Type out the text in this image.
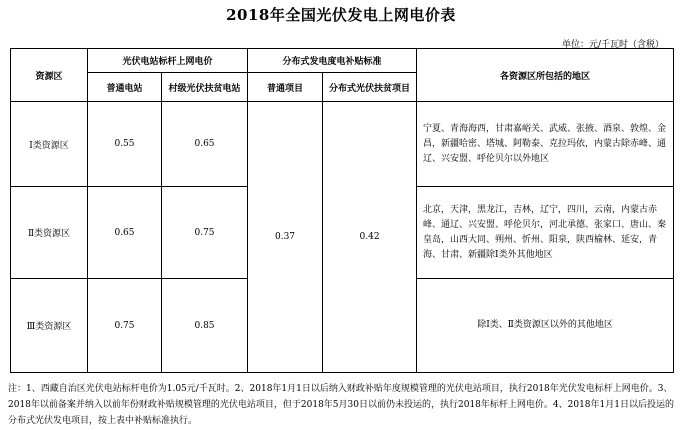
2018年全国光伏发电上网电价表
单位：元/千瓦时（含税）
资源区	光伏电站标杆上网电价		分布式发电度电补贴标准		各资源区所包括的地区
	普通电站	村级光伏扶贫电站	普通项目	分布式光伏扶贫项目	
Ⅰ类资源区	0.55	0.65	0.37	0.42	宁夏、青海海西，甘肃嘉峪关、武威、张掖、酒泉、敦煌、金昌，新疆哈密、塔城、阿勒泰、克拉玛依，内蒙古除赤峰、通辽、兴安盟、呼伦贝尔以外地区
Ⅱ类资源区	0.65	0.75			北京，天津，黑龙江，吉林，辽宁，四川，云南，内蒙古赤峰、通辽、兴安盟、呼伦贝尔，河北承德、张家口、唐山、秦皇岛，山西大同、朔州、忻州、阳泉，陕西榆林、延安，青海、甘肃、新疆除Ⅰ类外其他地区
Ⅲ类资源区	0.75	0.85			除Ⅰ类、Ⅱ类资源区以外的其他地区
注：1、西藏自治区光伏电站标杆电价为1.05元/千瓦时。2、2018年1月1日以后纳入财政补贴年度规模管理的光伏电站项目，执行2018年光伏发电标杆上网电价。3、2018年以前备案并纳入以前年份财政补贴规模管理的光伏电站项目，但于2018年5月30日以前仍未投运的，执行2018年标杆上网电价。4、2018年1月1日以后投运的分布式光伏发电项目，按上表中补贴标准执行。
